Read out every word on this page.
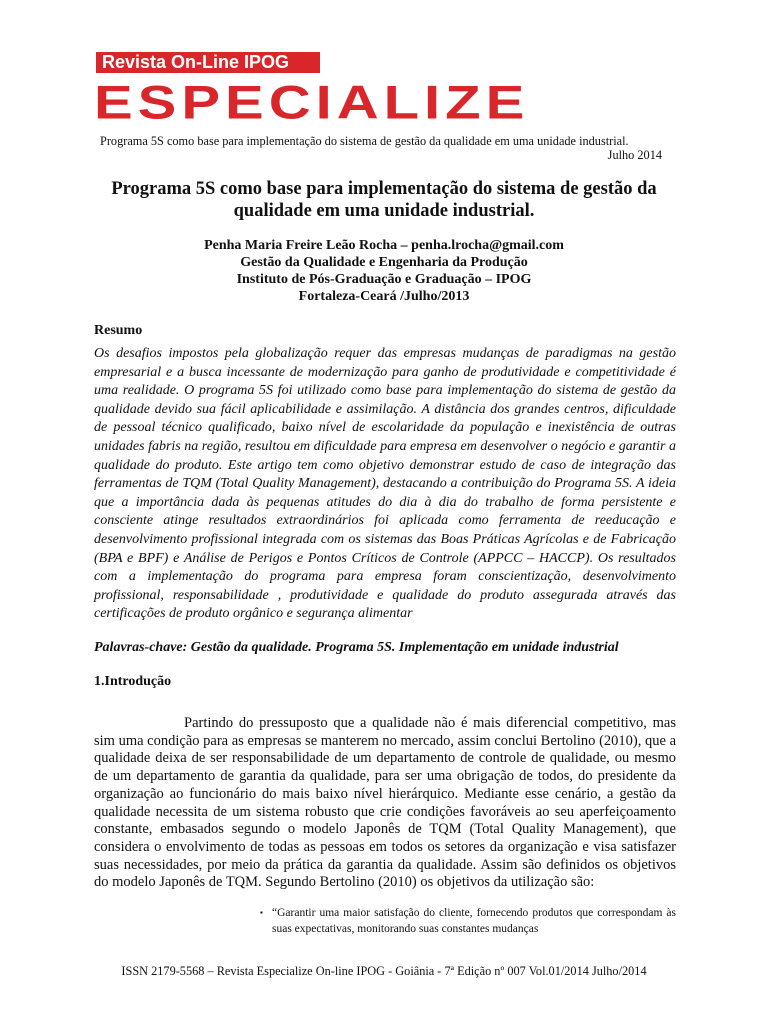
Revista On-Line IPOG
ESPECIALIZE
Programa 5S como base para implementação do sistema de gestão da qualidade em uma unidade industrial.
Julho 2014
Programa 5S como base para implementação do sistema de gestão da qualidade em uma unidade industrial.
Penha Maria Freire Leão Rocha – penha.lrocha@gmail.com
Gestão da Qualidade e Engenharia da Produção
Instituto de Pós-Graduação e Graduação – IPOG
Fortaleza-Ceará /Julho/2013
Resumo
Os desafios impostos pela globalização requer das empresas mudanças de paradigmas na gestão empresarial e a busca incessante de modernização para ganho de produtividade e competitividade é uma realidade. O programa 5S foi utilizado como base para implementação do sistema de gestão da qualidade devido sua fácil aplicabilidade e assimilação. A distância dos grandes centros, dificuldade de pessoal técnico qualificado, baixo nível de escolaridade da população e inexistência de outras unidades fabris na região, resultou em dificuldade para empresa em desenvolver o negócio e garantir a qualidade do produto. Este artigo tem como objetivo demonstrar estudo de caso de integração das ferramentas de TQM (Total Quality Management), destacando a contribuição do Programa 5S. A ideia que a importância dada às pequenas atitudes do dia à dia do trabalho de forma persistente e consciente atinge resultados extraordinários foi aplicada como ferramenta de reeducação e desenvolvimento profissional integrada com os sistemas das Boas Práticas Agrícolas e de Fabricação (BPA e BPF) e Análise de Perigos e Pontos Críticos de Controle (APPCC – HACCP). Os resultados com a implementação do programa para empresa foram conscientização, desenvolvimento profissional, responsabilidade , produtividade e qualidade do produto assegurada através das certificações de produto orgânico e segurança alimentar
Palavras-chave: Gestão da qualidade. Programa 5S. Implementação em unidade industrial
1.Introdução
Partindo do pressuposto que a qualidade não é mais diferencial competitivo, mas sim uma condição para as empresas se manterem no mercado, assim conclui Bertolino (2010), que a qualidade deixa de ser responsabilidade de um departamento de controle de qualidade, ou mesmo de um departamento de garantia da qualidade, para ser uma obrigação de todos, do presidente da organização ao funcionário do mais baixo nível hierárquico. Mediante esse cenário, a gestão da qualidade necessita de um sistema robusto que crie condições favoráveis ao seu aperfeiçoamento constante, embasados segundo o modelo Japonês de TQM (Total Quality Management), que considera o envolvimento de todas as pessoas em todos os setores da organização e visa satisfazer suas necessidades, por meio da prática da garantia da qualidade. Assim são definidos os objetivos do modelo Japonês de TQM. Segundo Bertolino (2010) os objetivos da utilização são:
▪ “Garantir uma maior satisfação do cliente, fornecendo produtos que correspondam às suas expectativas, monitorando suas constantes mudanças
ISSN 2179-5568 – Revista Especialize On-line IPOG - Goiânia - 7ª Edição nº 007 Vol.01/2014 Julho/2014
